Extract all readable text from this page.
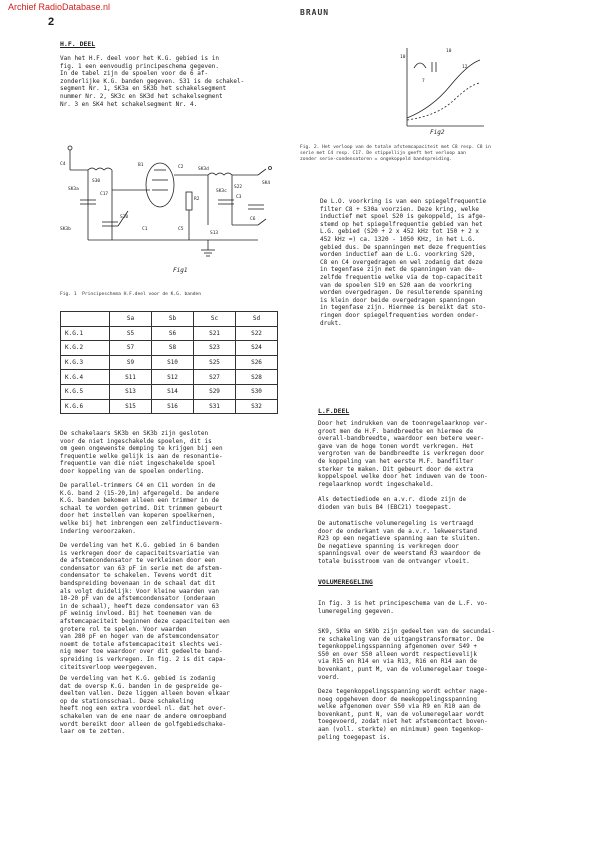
Archief RadioDatabase.nl
2
BRAUN
H.F. DEEL
Van het H.F. deel voor het K.G. gebied is in
fig. 1 een eenvoudig principeschema gegeven.
In de tabel zijn de spoelen voor de 6 af-
zonderlijke K.G. banden gegeven. S31 is de schakel-
segment Nr. 1, SK3a en SK3b het schakelsegment
nummer Nr. 2, SK3c en SK3d het schakelsegment
Nr. 3 en SK4 het schakelsegment Nr. 4.
C4
C17
SK3a
SK3b
S30
S20
B1	C2
C5
C1
SK3d
R2
SK3c
C3
SK4
C6
S22
S13
Fig1
Fig. 1  Principeschema H.F.deel voor de K.G. banden
	Sa	Sb	Sc	Sd
K.G.1	S5	S6	S21	S22
K.G.2	S7	S8	S23	S24
K.G.3	S9	S10	S25	S26
K.G.4	S11	S12	S27	S28
K.G.5	S13	S14	S29	S30
K.G.6	S15	S16	S31	S32
De schakelaars SK3b en SK3b zijn gesloten
voor de niet ingeschakelde spoelen, dit is
om geen ongewenste demping te krijgen bij een
frequentie welke gelijk is aan de resonantie-
frequentie van die niet ingeschakelde spoel
door koppeling van de spoelen onderling.
De parallel-trimmers C4 en C11 worden in de
K.G. band 2 (15-20,1m) afgeregeld. De andere
K.G. banden bekomen alleen een trimmer in de
schaal te worden getrimd. Dit trimmen gebeurt
door het instellen van koperen spoelkernen,
welke bij het inbrengen een zelfinductieverm-
indering veroorzaken.
De verdeling van het K.G. gebied in 6 banden
is verkregen door de capaciteitsvariatie van
de afstemcondensator te verkleinen door een
condensator van 63 pF in serie met de afstem-
condensator te schakelen. Tevens wordt dit
bandspreiding bovenaan in de schaal dat dit
als volgt duidelijk: Voor kleine waarden van
10-20 pF van de afstemcondensator (onderaan
in de schaal), heeft deze condensator van 63
pF weinig invloed. Bij het toenemen van de
afstemcapaciteit beginnen deze capaciteiten een
grotere rol te spelen. Voor waarden
van 280 pF en hoger van de afstemcondensator
noemt de totale afstemcapaciteit slechts wei-
nig meer toe waardoor over dit gedeelte band-
spreiding is verkregen. In fig. 2 is dit capa-
citeitsverloop weergegeven.
De verdeling van het K.G. gebied is zodanig
dat de oversp K.G. banden in de gespreide ge-
deelten vallen. Deze liggen alleen boven elkaar
op de stationsschaal. Deze schakeling
heeft nog een extra voordeel nl. dat het over-
schakelen van de ene naar de andere omroepband
wordt bereikt door alleen de golfgebiedschake-
laar om te zetten.
10
12
7
10
Fig2
Fig. 2. Het verloop van de totale afstemcapaciteit met C8 resp. C8 in
serie met C4 resp. C17. De stippellijn geeft het verloop aan
zonder serie-condensatoren = ongekoppeld bandspreiding.
De L.O. voorkring is van een spiegelfrequentie
filter C8 + S30a voorzien. Deze kring, welke
inductief met spoel S20 is gekoppeld, is afge-
stemd op het spiegelfrequentie gebied van het
L.G. gebied (S20 + 2 x 452 kHz tot 150 + 2 x
452 kHz =) ca. 1320 - 1050 KHz, in het L.G.
gebied dus. De spanningen met deze frequenties
worden inductief aan de L.G. voorkring S20,
C8 en C4 overgedragen en wel zodanig dat deze
in tegenfase zijn met de spanningen van de-
zelfde frequentie welke via de top-capaciteit
van de spoelen S19 en S20 aan de voorkring
worden overgedragen. De resulterende spanning
is klein door beide overgedragen spanningen
in tegenfase zijn. Hiermee is bereikt dat sto-
ringen door spiegelfrequenties worden onder-
drukt.
L.F.DEEL
Door het indrukken van de toonregelaarknop ver-
groot men de H.F. bandbreedte en hiermee de
overall-bandbreedte, waardoor een betere weer-
gave van de hoge tonen wordt verkregen. Het
vergroten van de bandbreedte is verkregen door
de koppeling van het eerste M.F. bandfilter
sterker te maken. Dit gebeurt door de extra
koppelspoel welke door het induwen van de toon-
regelaarknop wordt ingeschakeld.
Als detectiediode en a.v.r. diode zijn de
dioden van buis B4 (EBC21) toegepast.
De automatische volumeregeling is vertraagd
door de onderkant van de a.v.r. lekweerstand
R23 op een negatieve spanning aan te sluiten.
De negatieve spanning is verkregen door
spanningsval over de weerstand R3 waardoor de
totale buisstroom van de ontvanger vloeit.
VOLUMEREGELING
In fig. 3 is het principeschema van de L.F. vo-
lumeregeling gegeven.
SK9, SK9a en SK9b zijn gedeelten van de secundai-
re schakeling van de uitgangstransformator. De
tegenkoppelingsspanning afgenomen over S49 +
S50 en over S50 alleen wordt respectievelijk
via R15 en R14 en via R13, R16 en R14 aan de
bovenkant, punt M, van de volumeregelaar toege-
voerd.
Deze tegenkoppelingsspanning wordt echter nage-
noeg opgeheven door de meekoppelingsspanning
welke afgenomen over S50 via R9 en R10 aan de
bovenkant, punt N, van de volumeregelaar wordt
toegevoerd, zodat niet het afstemcontact boven-
aan (voll. sterkte) en minimum) geen tegenkop-
peling toegepast is.
